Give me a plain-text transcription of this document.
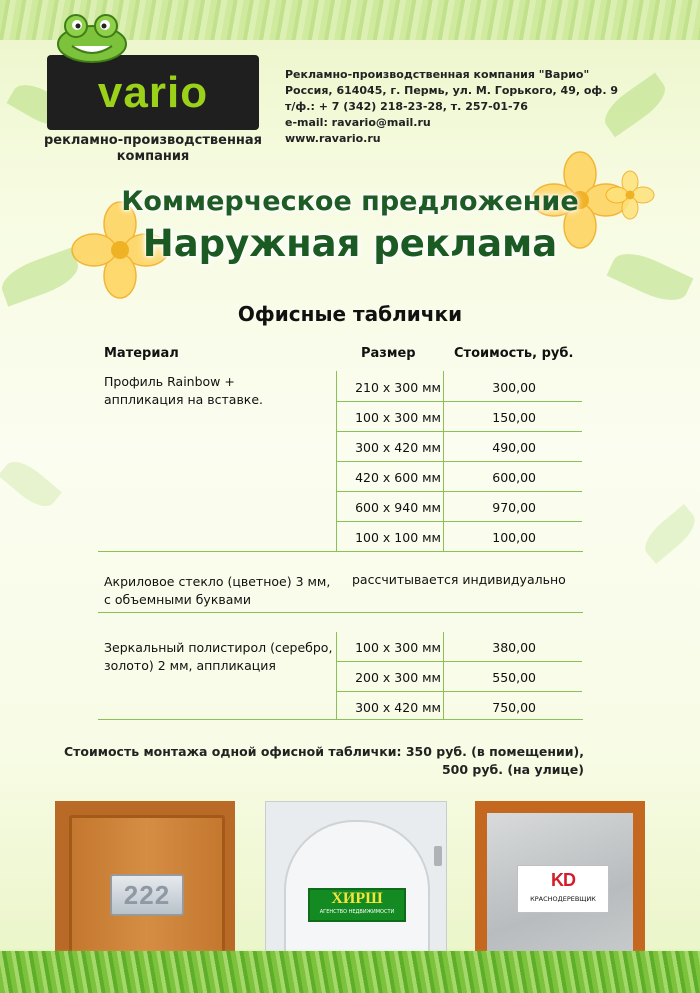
vario
рекламно-производственная компания
Рекламно-производственная компания "Варио"
Россия, 614045, г. Пермь, ул. М. Горького, 49, оф. 9
т/ф.: + 7 (342) 218-23-28, т. 257-01-76
e-mail: ravario@mail.ru
www.ravario.ru
Коммерческое предложение
Наружная реклама
Офисные таблички
Материал	Размер	Стоимость, руб.
Профиль Rainbow +
аппликация на вставке.
210 х 300 мм	300,00
100 х 300 мм	150,00
300 х 420 мм	490,00
420 х 600 мм	600,00
600 х 940 мм	970,00
100 х 100 мм	100,00
Акриловое стекло (цветное) 3 мм,
с объемными буквами
рассчитывается индивидуально
Зеркальный полистирол (серебро,
золото) 2 мм, аппликация
100 х 300 мм	380,00
200 х 300 мм	550,00
300 х 420 мм	750,00
Стоимость монтажа одной офисной таблички: 350 руб. (в помещении),
500 руб. (на улице)
222	ХИРШ
АГЕНСТВО НЕДВИЖИМОСТИ
KD
КРАСНОДЕРЕВЩИК
